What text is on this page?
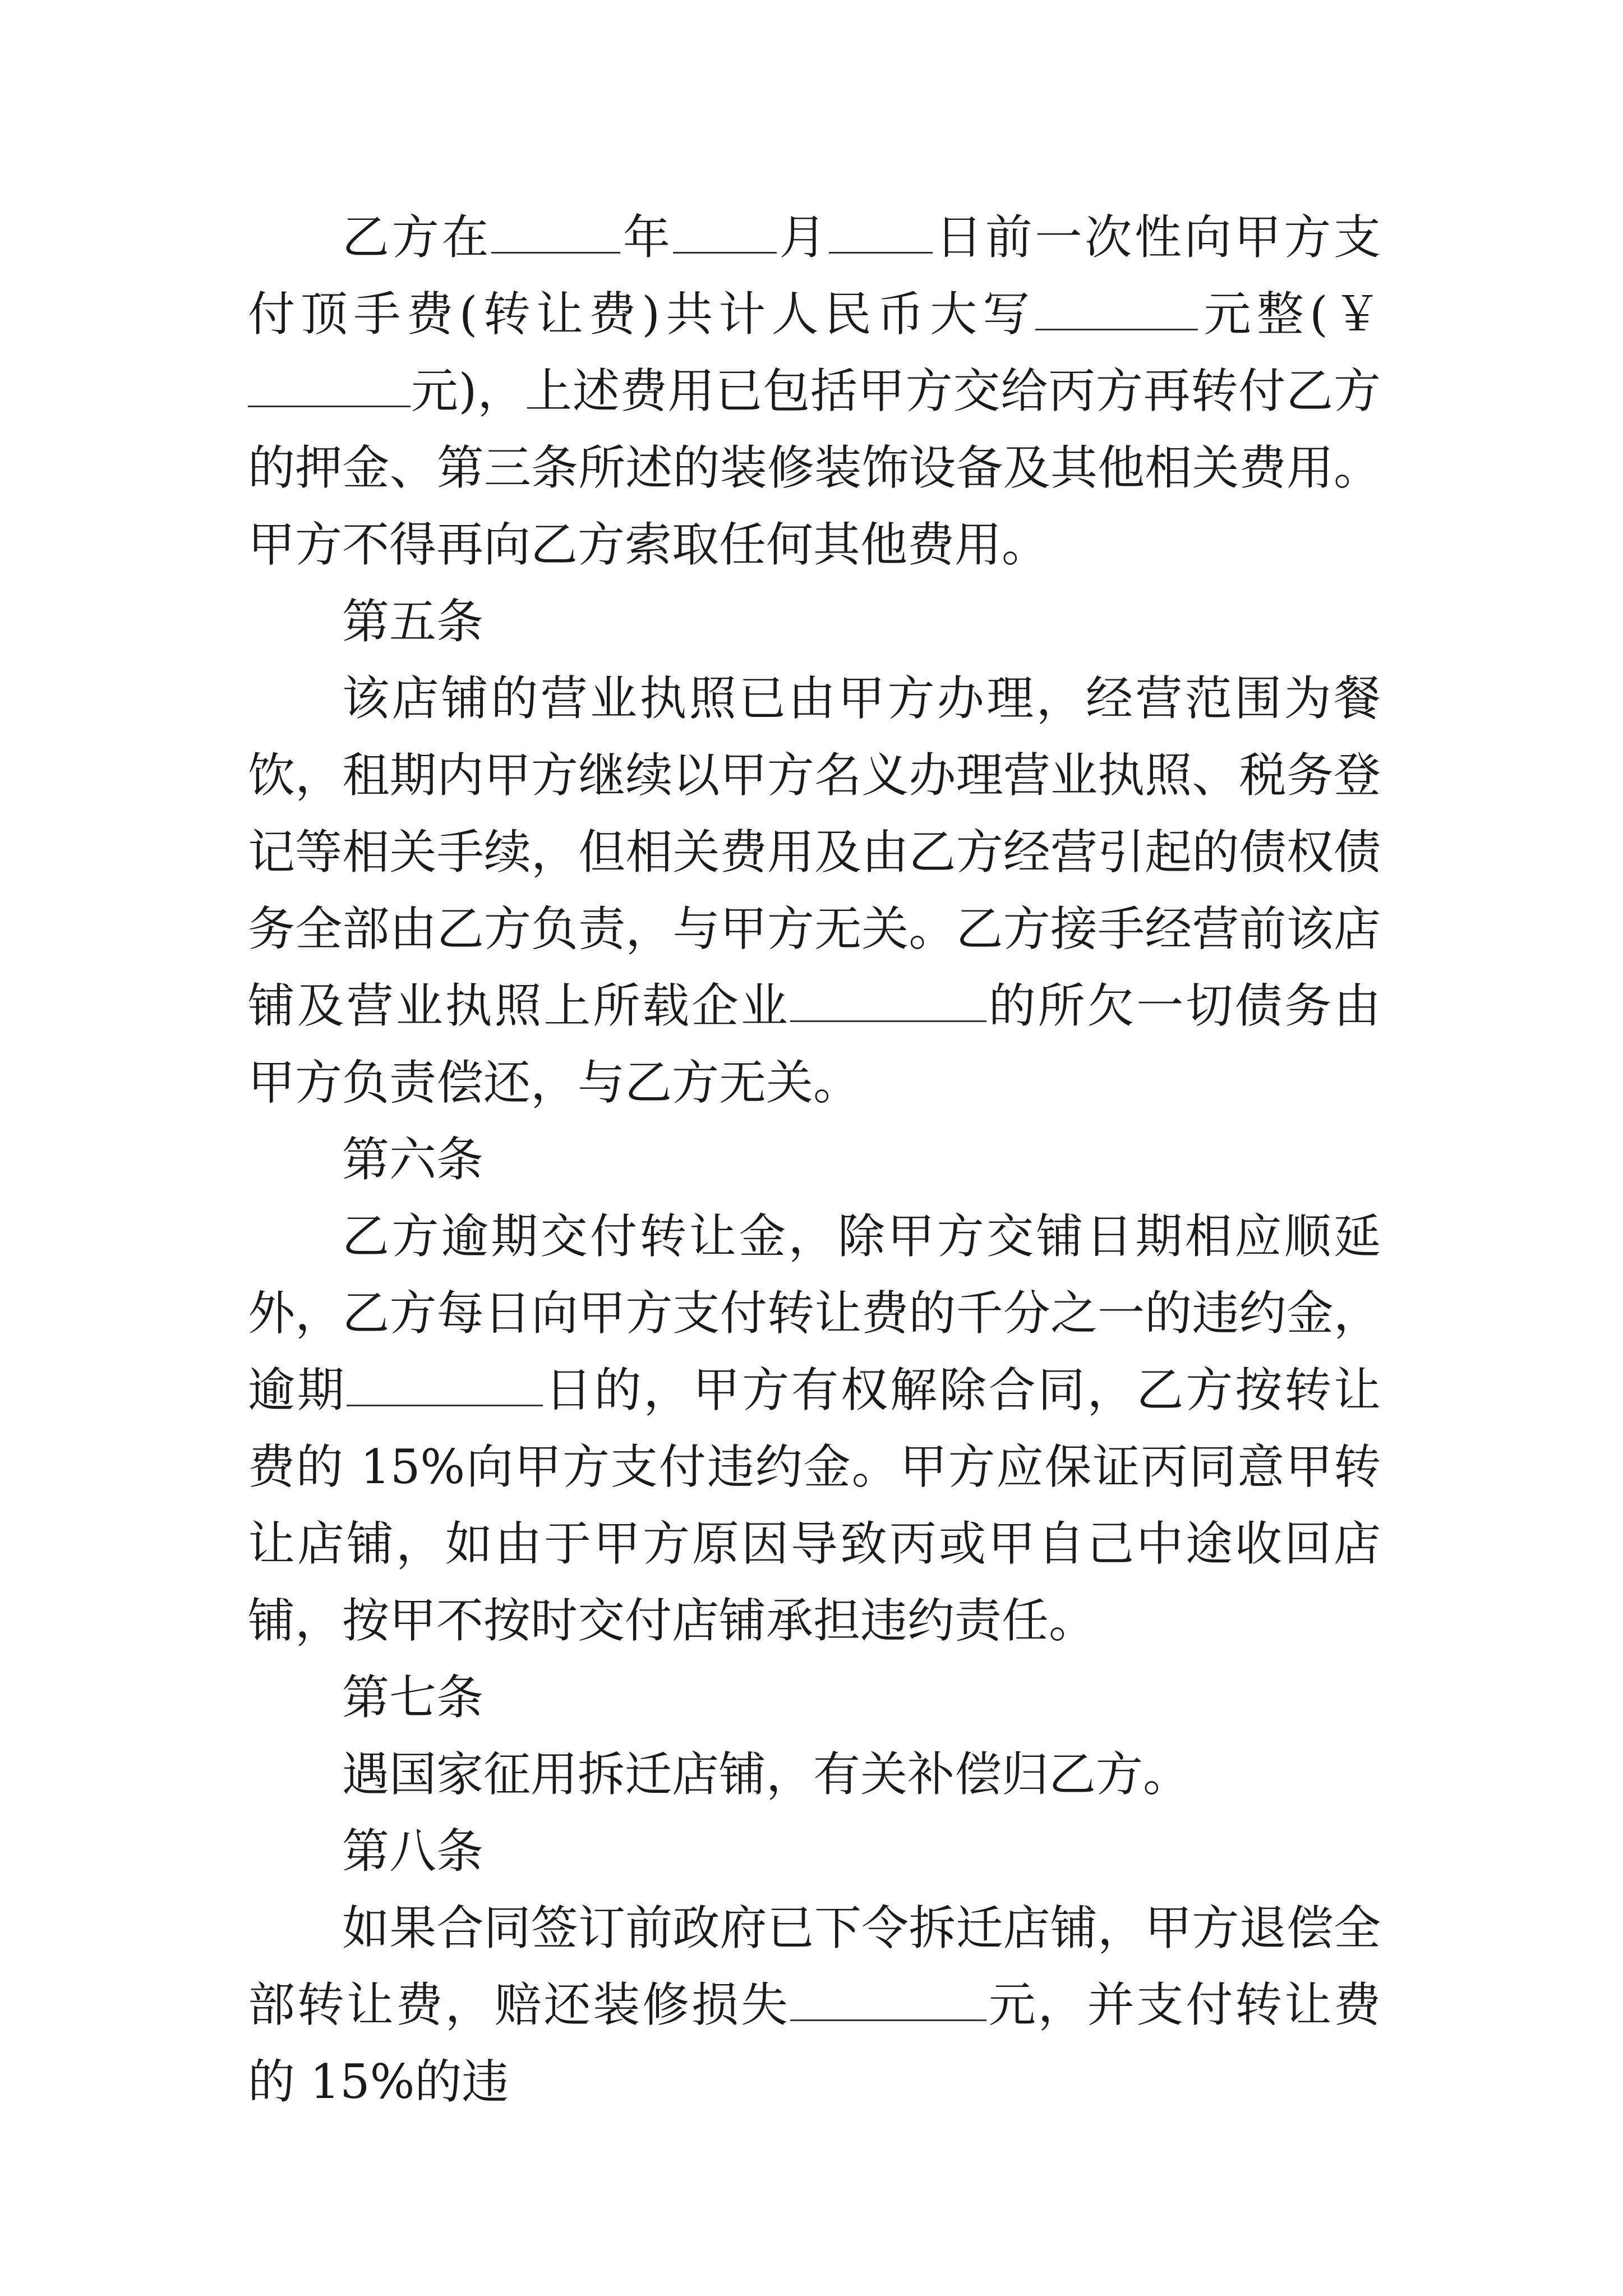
乙方在	年 月 日前一次性向甲方支付顶手费(转让费)共计人民币大写	元整(￥元)，上述费用已包括甲方交给丙方再转付乙方的押金、第三条所述的装修装饰设备及其他相关费用。甲方不得再向乙方索取任何其他费用。

第五条

该店铺的营业执照已由甲方办理，经营范围为餐饮，租期内甲方继续以甲方名义办理营业执照、税务登记等相关手续，但相关费用及由乙方经营引起的债权债务全部由乙方负责，与甲方无关。乙方接手经营前该店铺及营业执照上所载企业	的所欠一切债务由甲方负责偿还，与乙方无关。

第六条

乙方逾期交付转让金，除甲方交铺日期相应顺延外，乙方每日向甲方支付转让费的千分之一的违约金，逾期	日的，甲方有权解除合同，乙方按转让费的 15%向甲方支付违约金。甲方应保证丙同意甲转让店铺，如由于甲方原因导致丙或甲自己中途收回店铺，按甲不按时交付店铺承担违约责任。

第七条

遇国家征用拆迁店铺，有关补偿归乙方。

第八条

如果合同签订前政府已下令拆迁店铺，甲方退偿全部转让费，赔还装修损失	元，并支付转让费的 15%的违
